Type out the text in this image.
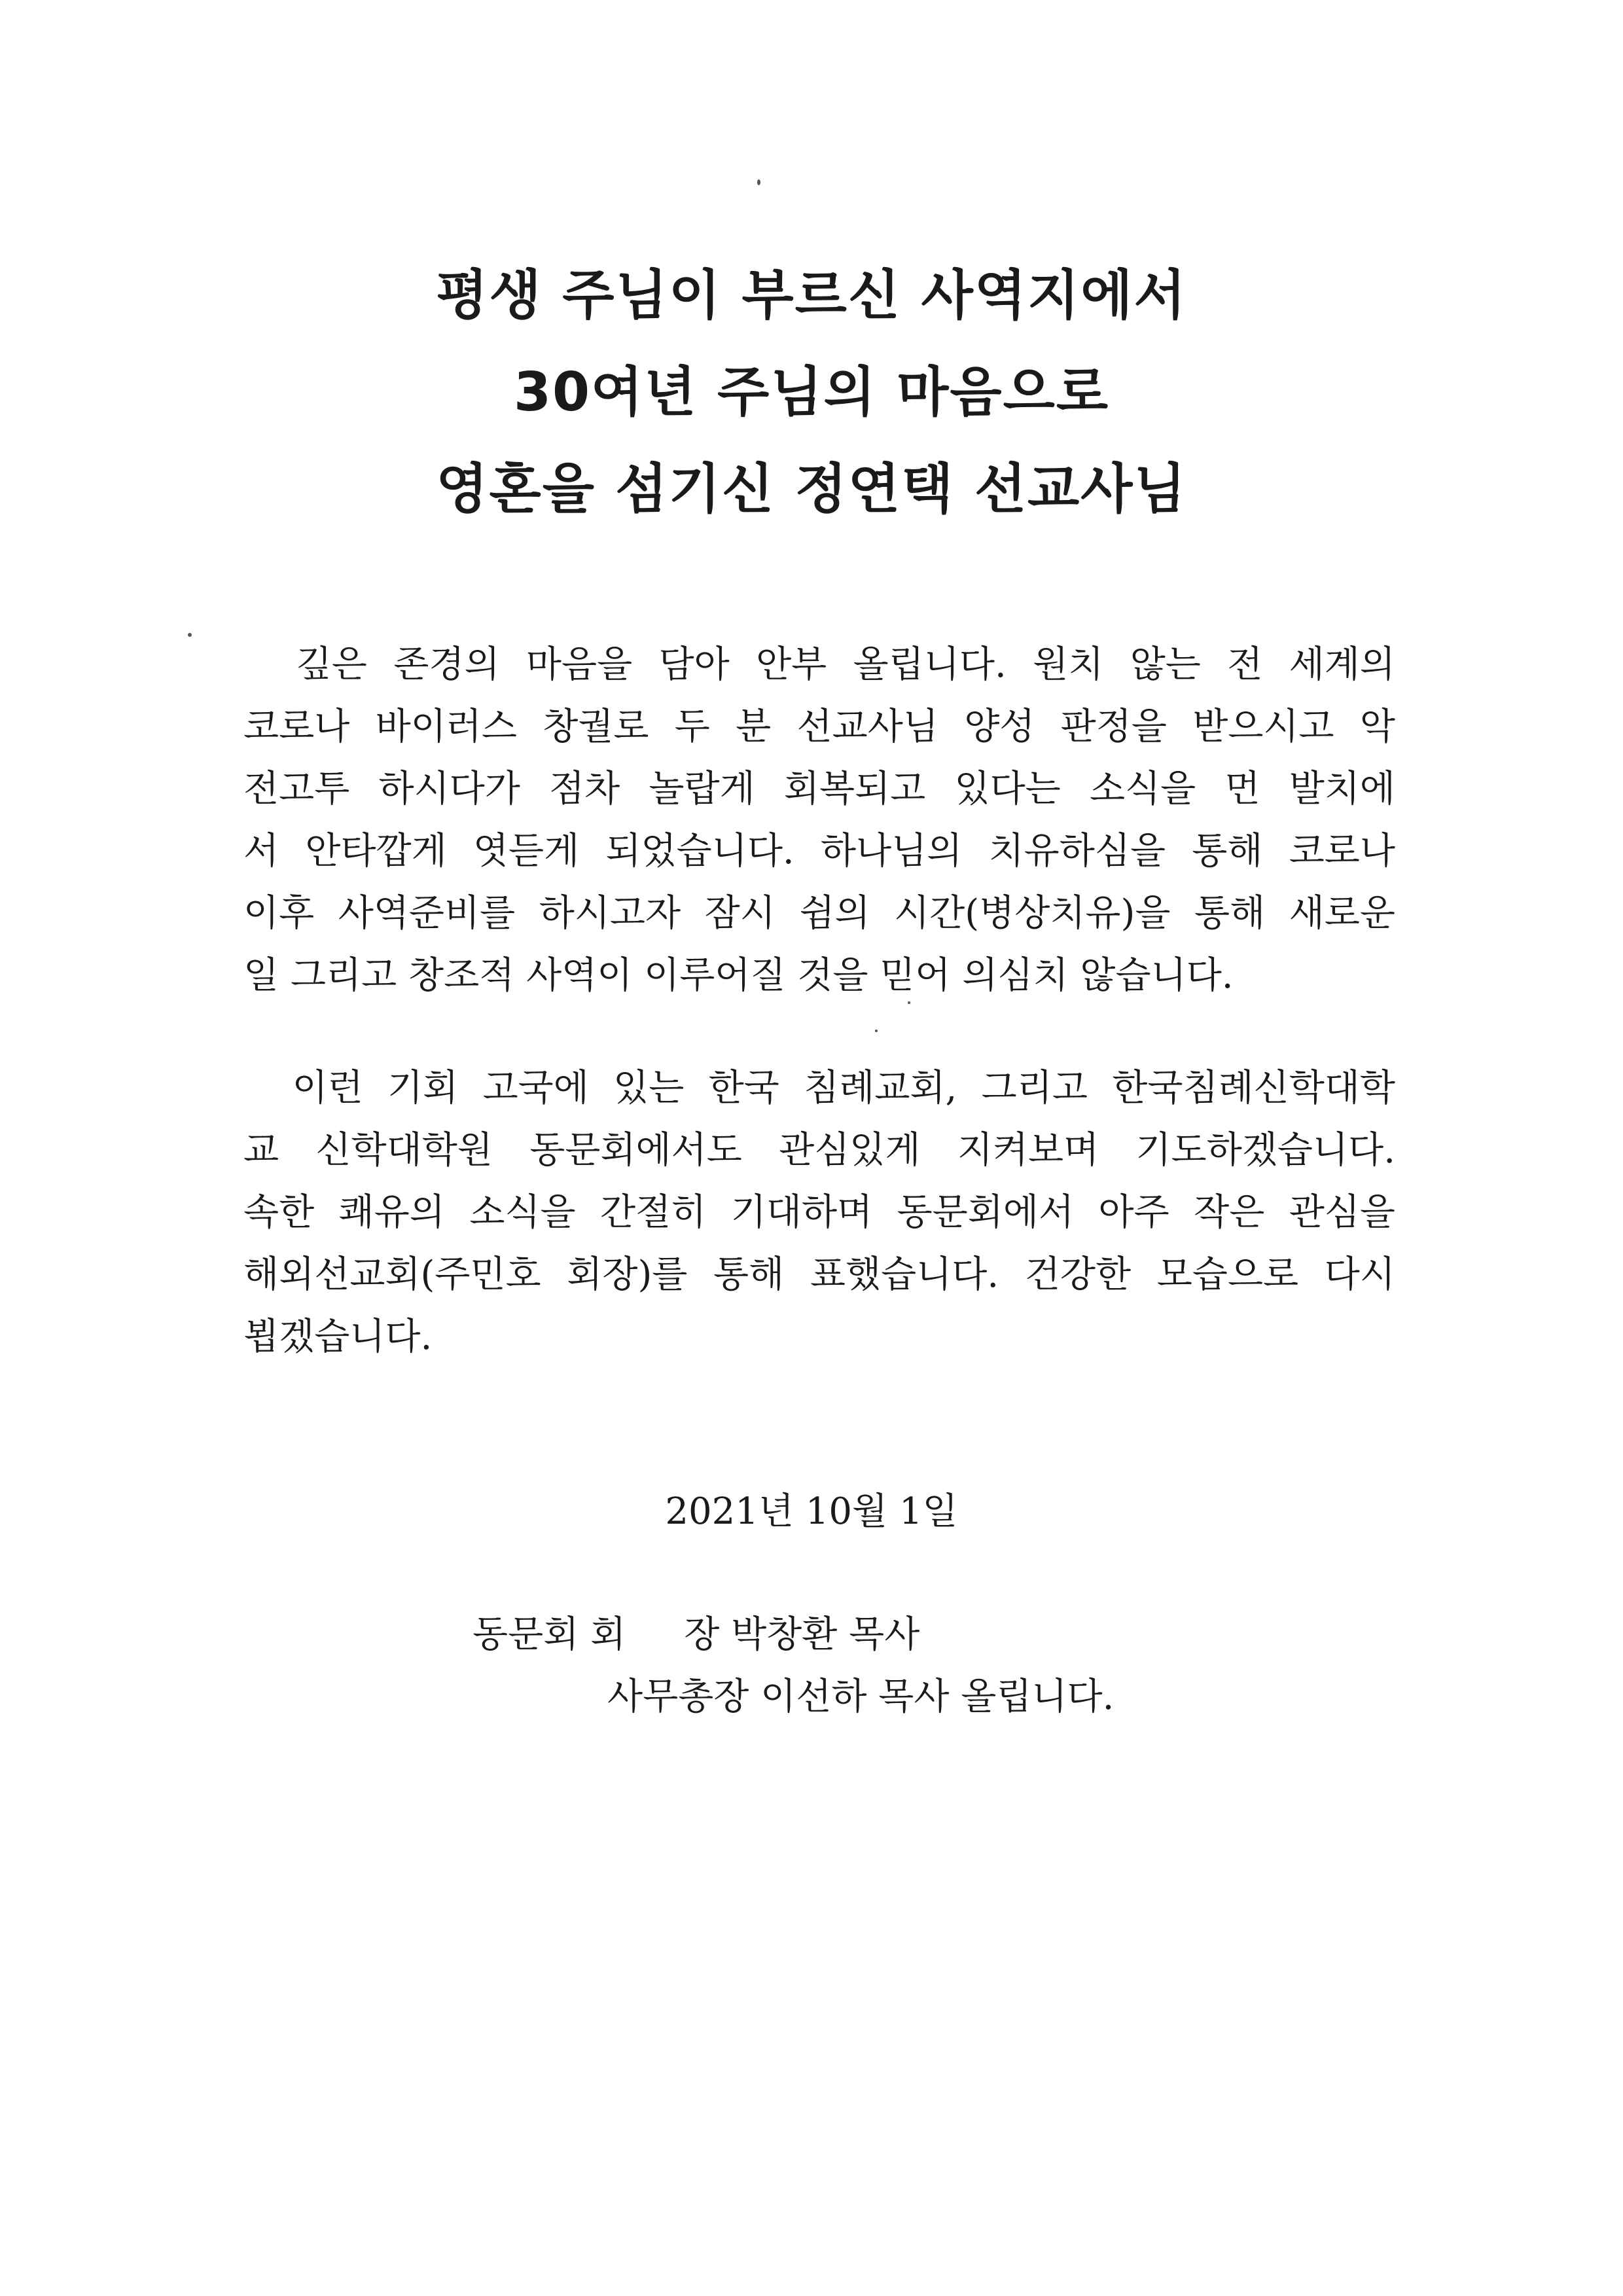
평생 주님이 부르신 사역지에서
30여년 주님의 마음으로
영혼을 섬기신 정연택 선교사님
깊은 존경의 마음을 담아 안부 올립니다. 원치 않는 전 세계의
코로나 바이러스 창궐로 두 분 선교사님 양성 판정을 받으시고 악
전고투 하시다가 점차 놀랍게 회복되고 있다는 소식을 먼 발치에
서 안타깝게 엿듣게 되었습니다. 하나님의 치유하심을 통해 코로나
이후 사역준비를 하시고자 잠시 쉼의 시간(병상치유)을 통해 새로운
일 그리고 창조적 사역이 이루어질 것을 믿어 의심치 않습니다.
이런 기회 고국에 있는 한국 침례교회, 그리고 한국침례신학대학
교 신학대학원 동문회에서도 관심있게 지켜보며 기도하겠습니다.
속한 쾌유의 소식을 간절히 기대하며 동문회에서 아주 작은 관심을
해외선교회(주민호 회장)를 통해 표했습니다. 건강한 모습으로 다시
뵙겠습니다.
2021년 10월 1일
동문회 회     장 박창환 목사
사무총장 이선하 목사 올립니다.
